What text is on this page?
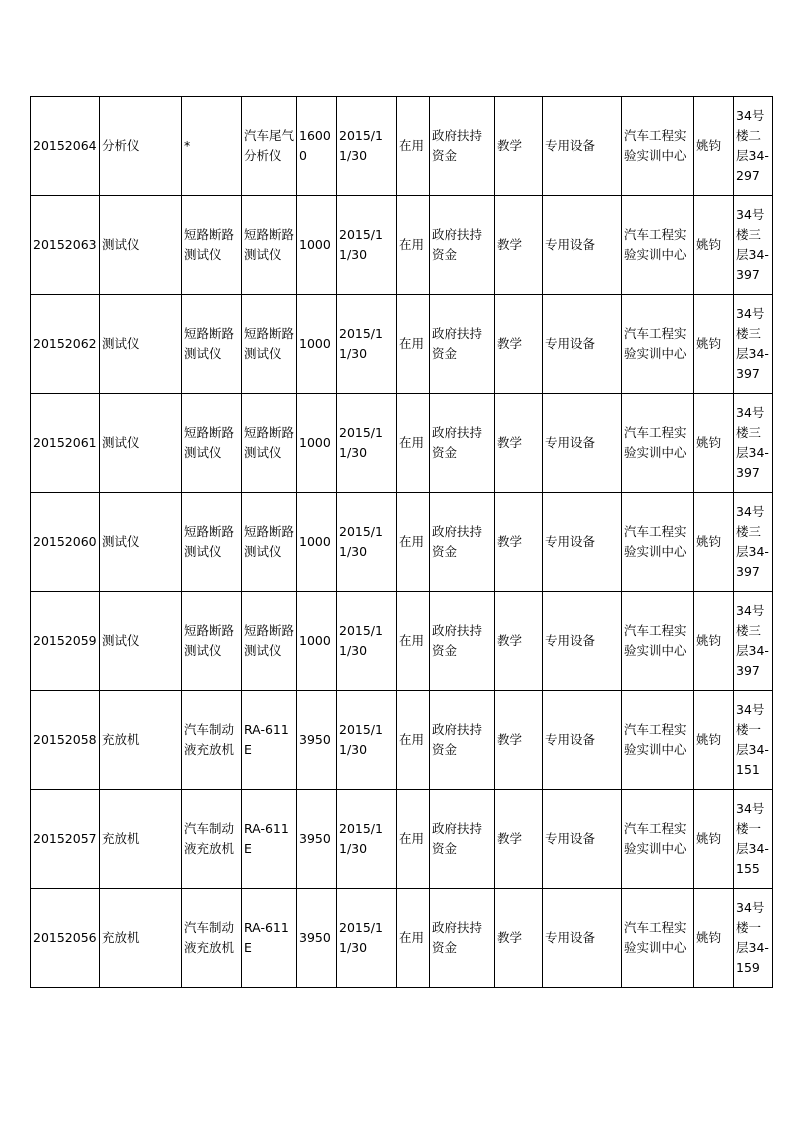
20152064	分析仪	*	汽车尾气分析仪	16000	2015/11/30	在用	政府扶持资金	教学	专用设备	汽车工程实验实训中心	姚钧	34号楼二层34-297
20152063	测试仪	短路断路测试仪	短路断路测试仪	1000	2015/11/30	在用	政府扶持资金	教学	专用设备	汽车工程实验实训中心	姚钧	34号楼三层34-397
20152062	测试仪	短路断路测试仪	短路断路测试仪	1000	2015/11/30	在用	政府扶持资金	教学	专用设备	汽车工程实验实训中心	姚钧	34号楼三层34-397
20152061	测试仪	短路断路测试仪	短路断路测试仪	1000	2015/11/30	在用	政府扶持资金	教学	专用设备	汽车工程实验实训中心	姚钧	34号楼三层34-397
20152060	测试仪	短路断路测试仪	短路断路测试仪	1000	2015/11/30	在用	政府扶持资金	教学	专用设备	汽车工程实验实训中心	姚钧	34号楼三层34-397
20152059	测试仪	短路断路测试仪	短路断路测试仪	1000	2015/11/30	在用	政府扶持资金	教学	专用设备	汽车工程实验实训中心	姚钧	34号楼三层34-397
20152058	充放机	汽车制动液充放机	RA-611E	3950	2015/11/30	在用	政府扶持资金	教学	专用设备	汽车工程实验实训中心	姚钧	34号楼一层34-151
20152057	充放机	汽车制动液充放机	RA-611E	3950	2015/11/30	在用	政府扶持资金	教学	专用设备	汽车工程实验实训中心	姚钧	34号楼一层34-155
20152056	充放机	汽车制动液充放机	RA-611E	3950	2015/11/30	在用	政府扶持资金	教学	专用设备	汽车工程实验实训中心	姚钧	34号楼一层34-159
